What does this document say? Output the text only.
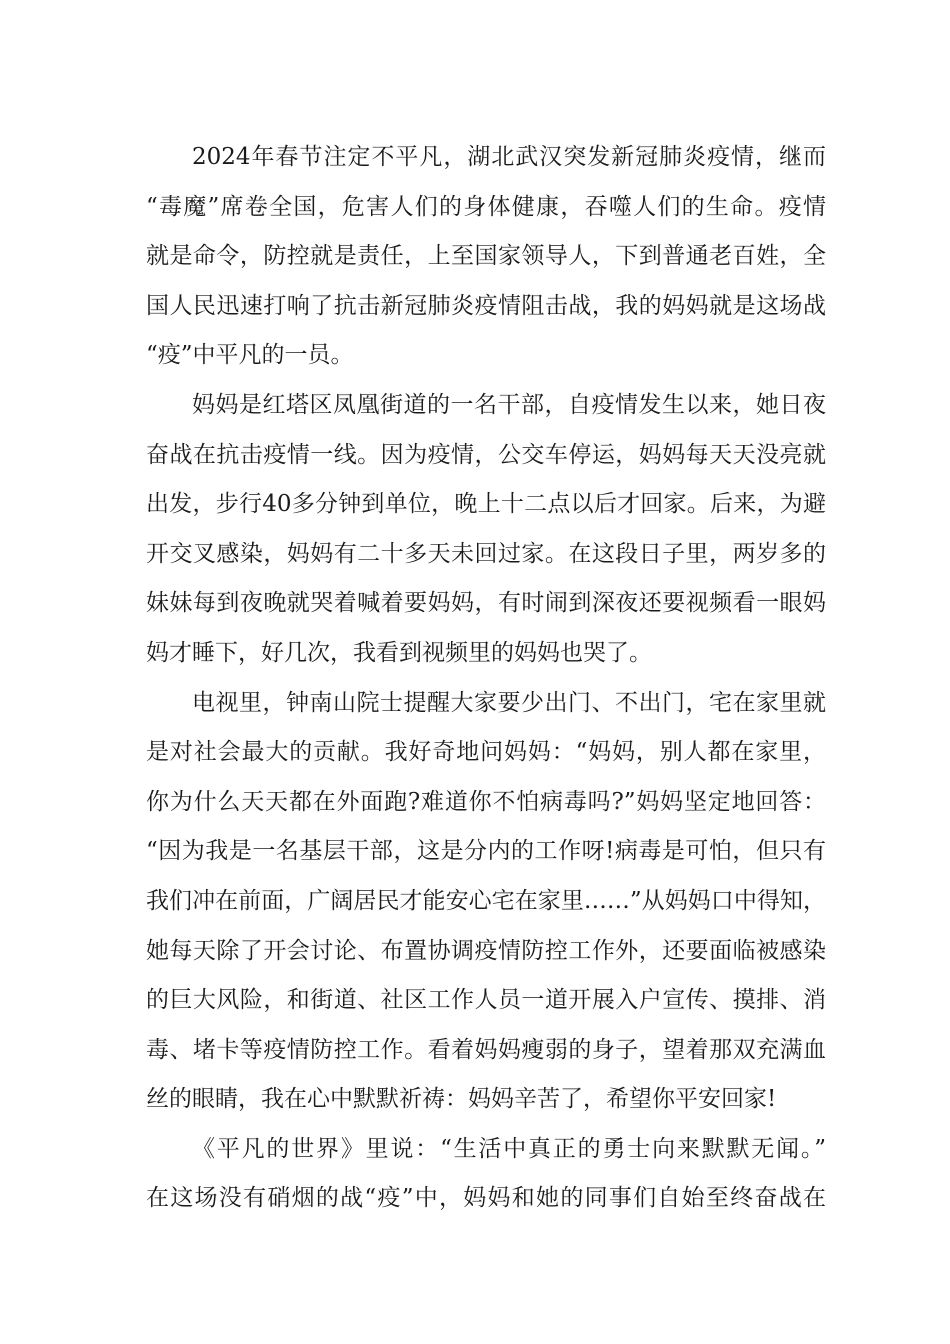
2024年春节注定不平凡，湖北武汉突发新冠肺炎疫情，继而
“毒魔”席卷全国，危害人们的身体健康，吞噬人们的生命。疫情
就是命令，防控就是责任，上至国家领导人，下到普通老百姓，全
国人民迅速打响了抗击新冠肺炎疫情阻击战，我的妈妈就是这场战
“疫”中平凡的一员。
妈妈是红塔区凤凰街道的一名干部，自疫情发生以来，她日夜
奋战在抗击疫情一线。因为疫情，公交车停运，妈妈每天天没亮就
出发，步行40多分钟到单位，晚上十二点以后才回家。后来，为避
开交叉感染，妈妈有二十多天未回过家。在这段日子里，两岁多的
妹妹每到夜晚就哭着喊着要妈妈，有时闹到深夜还要视频看一眼妈
妈才睡下，好几次，我看到视频里的妈妈也哭了。
电视里，钟南山院士提醒大家要少出门、不出门，宅在家里就
是对社会最大的贡献。我好奇地问妈妈：“妈妈，别人都在家里，
你为什么天天都在外面跑?难道你不怕病毒吗?”妈妈坚定地回答：
“因为我是一名基层干部，这是分内的工作呀!病毒是可怕，但只有
我们冲在前面，广阔居民才能安心宅在家里……”从妈妈口中得知，
她每天除了开会讨论、布置协调疫情防控工作外，还要面临被感染
的巨大风险，和街道、社区工作人员一道开展入户宣传、摸排、消
毒、堵卡等疫情防控工作。看着妈妈瘦弱的身子，望着那双充满血
丝的眼睛，我在心中默默祈祷：妈妈辛苦了，希望你平安回家!
《平凡的世界》里说：“生活中真正的勇士向来默默无闻。”
在这场没有硝烟的战“疫”中，妈妈和她的同事们自始至终奋战在
